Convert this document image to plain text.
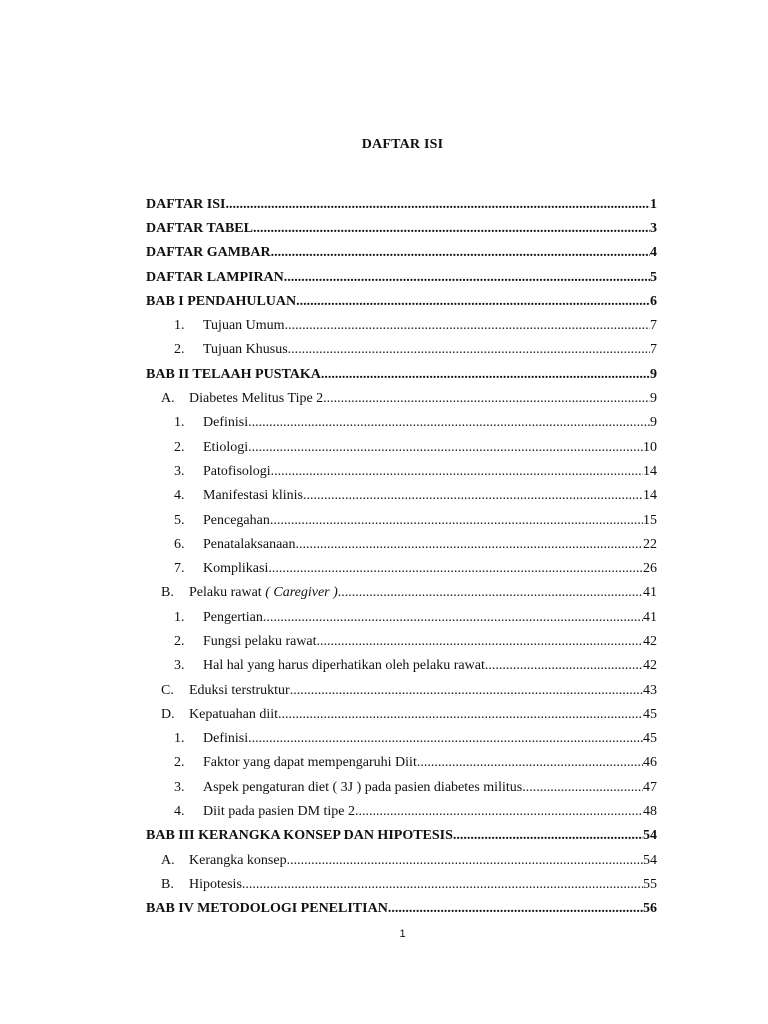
DAFTAR ISI
DAFTAR ISI .....	1
DAFTAR TABEL .....	3
DAFTAR GAMBAR .....	4
DAFTAR LAMPIRAN .....	5
BAB I PENDAHULUAN .....	6
1.	Tujuan Umum .....	7
2.	Tujuan Khusus .....	7
BAB II TELAAH PUSTAKA .....	9
A.	Diabetes Melitus Tipe 2 .....	9
1.	Definisi .....	9
2.	Etiologi .....	10
3.	Patofisologi .....	14
4.	Manifestasi klinis .....	14
5.	Pencegahan .....	15
6.	Penatalaksanaan .....	22
7.	Komplikasi .....	26
B.	Pelaku rawat ( Caregiver ) .....	41
1.	Pengertian .....	41
2.	Fungsi pelaku rawat .....	42
3.	Hal hal yang harus diperhatikan oleh pelaku rawat .....	42
C.	Eduksi terstruktur .....	43
D.	Kepatuahan diit .....	45
1.	Definisi .....	45
2.	Faktor yang dapat mempengaruhi Diit .....	46
3.	Aspek pengaturan diet ( 3J ) pada pasien diabetes militus .....	47
4.	Diit pada pasien DM tipe 2 .....	48
BAB III KERANGKA KONSEP DAN HIPOTESIS .....	54
A.	Kerangka konsep .....	54
B.	Hipotesis .....	55
BAB IV METODOLOGI PENELITIAN .....	56
1
